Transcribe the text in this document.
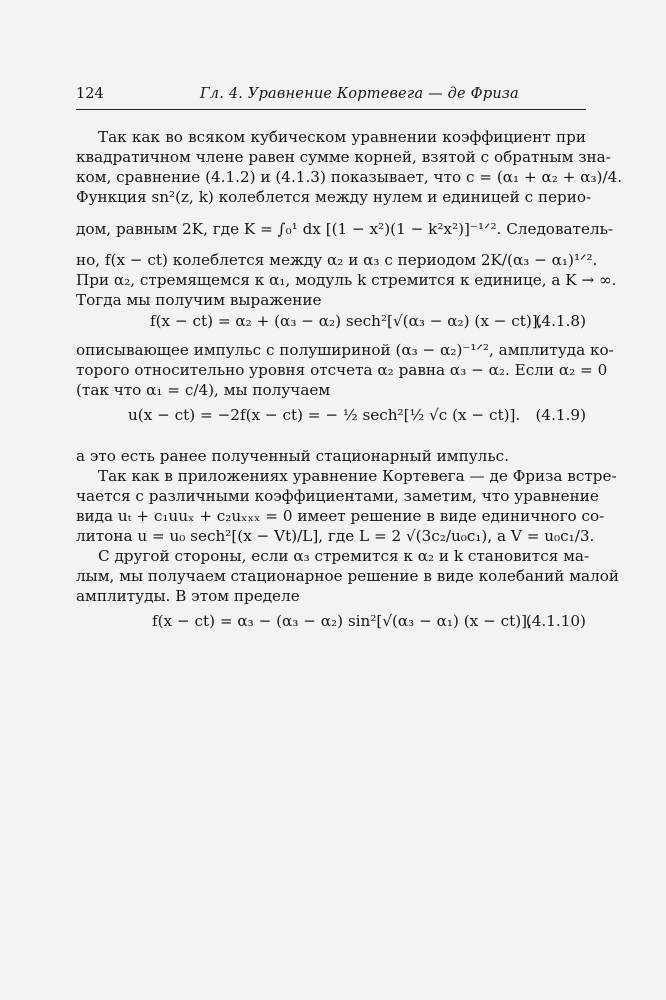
124	Гл. 4. Уравнение Кортевега — де Фриза
Так как во всяком кубическом уравнении коэффициент при
квадратичном члене равен сумме корней, взятой с обратным зна-
ком, сравнение (4.1.2) и (4.1.3) показывает, что c = (α₁ + α₂ + α₃)/4.
Функция sn²(z, k) колеблется между нулем и единицей с перио-
дом, равным 2K, где K = ∫₀¹ dx [(1 − x²)(1 − k²x²)]⁻¹ᐟ². Следователь-
но, f(x − ct) колеблется между α₂ и α₃ с периодом 2K/(α₃ − α₁)¹ᐟ².
При α₂, стремящемся к α₁, модуль k стремится к единице, а K → ∞.
Тогда мы получим выражение
f(x − ct) = α₂ + (α₃ − α₂) sech²[√(α₃ − α₂) (x − ct)],
(4.1.8)
описывающее импульс с полушириной (α₃ − α₂)⁻¹ᐟ², амплитуда ко-
торого относительно уровня отсчета α₂ равна α₃ − α₂. Если α₂ = 0
(так что α₁ = c/4), мы получаем
u(x − ct) = −2f(x − ct) = − ½ sech²[½ √c (x − ct)]. (4.1.9)
а это есть ранее полученный стационарный импульс.
Так как в приложениях уравнение Кортевега — де Фриза встре-
чается с различными коэффициентами, заметим, что уравнение
вида uₜ + c₁uuₓ + c₂uₓₓₓ = 0 имеет решение в виде единичного со-
литона u = u₀ sech²[(x − Vt)/L], где L = 2 √(3c₂/u₀c₁), а V = u₀c₁/3.
С другой стороны, если α₃ стремится к α₂ и k становится ма-
лым, мы получаем стационарное решение в виде колебаний малой
амплитуды. В этом пределе
f(x − ct) = α₃ − (α₃ − α₂) sin²[√(α₃ − α₁) (x − ct)],
(4.1.10)
